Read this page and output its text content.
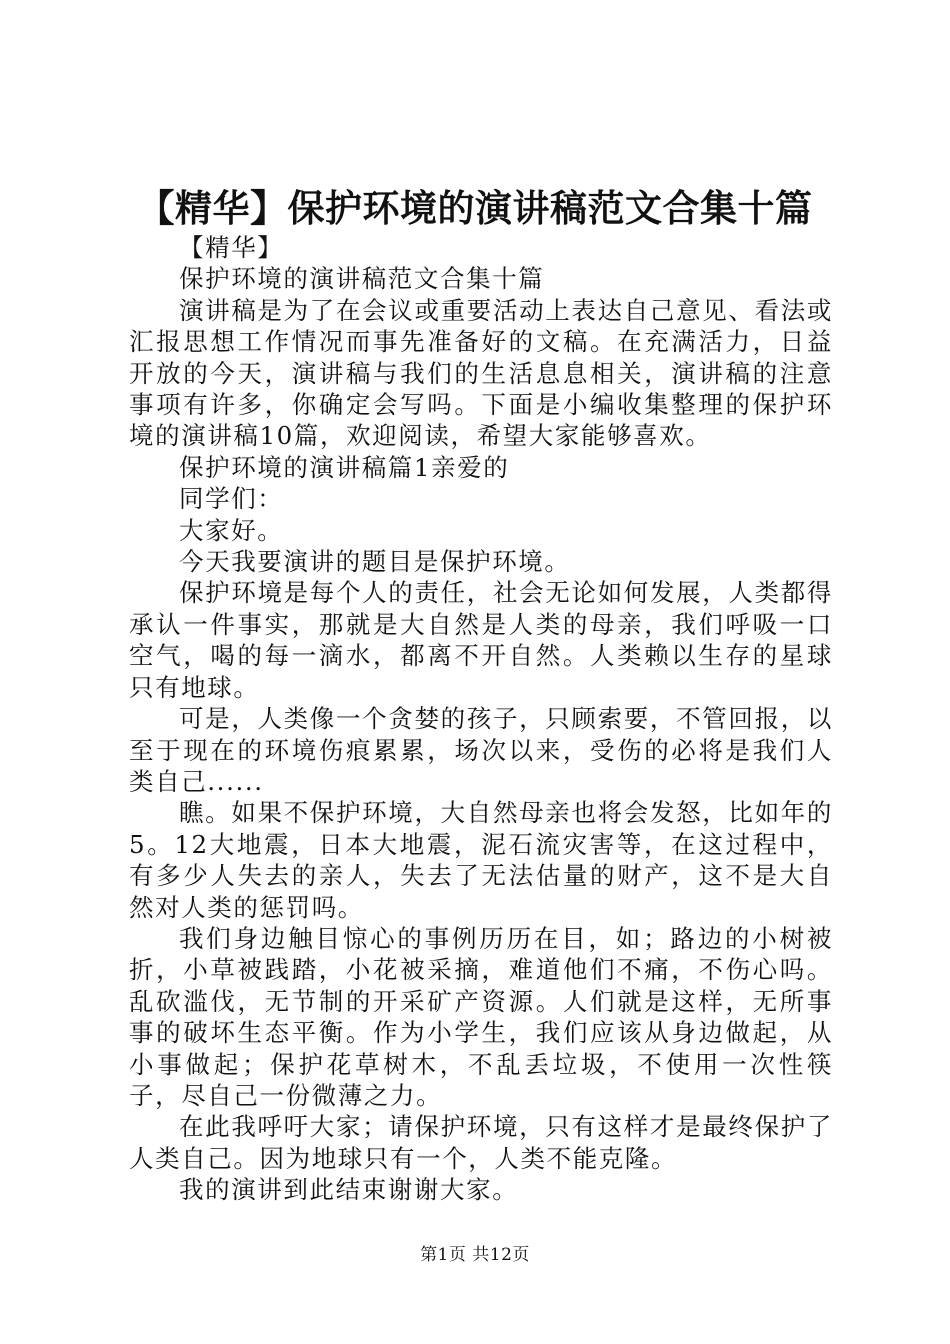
【精华】保护环境的演讲稿范文合集十篇

【精华】

保护环境的演讲稿范文合集十篇

演讲稿是为了在会议或重要活动上表达自己意见、看法或汇报思想工作情况而事先准备好的文稿。在充满活力，日益开放的今天，演讲稿与我们的生活息息相关，演讲稿的注意事项有许多，你确定会写吗。下面是小编收集整理的保护环境的演讲稿10篇，欢迎阅读，希望大家能够喜欢。

保护环境的演讲稿篇1亲爱的

同学们：

大家好。

今天我要演讲的题目是保护环境。

保护环境是每个人的责任，社会无论如何发展，人类都得承认一件事实，那就是大自然是人类的母亲，我们呼吸一口空气，喝的每一滴水，都离不开自然。人类赖以生存的星球只有地球。

可是，人类像一个贪婪的孩子，只顾索要，不管回报，以至于现在的环境伤痕累累，场次以来，受伤的必将是我们人类自己......

瞧。如果不保护环境，大自然母亲也将会发怒，比如年的5。12大地震，日本大地震，泥石流灾害等，在这过程中，有多少人失去的亲人，失去了无法估量的财产，这不是大自然对人类的惩罚吗。

我们身边触目惊心的事例历历在目，如；路边的小树被折，小草被践踏，小花被采摘，难道他们不痛，不伤心吗。乱砍滥伐，无节制的开采矿产资源。人们就是这样，无所事事的破坏生态平衡。作为小学生，我们应该从身边做起，从小事做起；保护花草树木，不乱丢垃圾，不使用一次性筷子，尽自己一份微薄之力。

在此我呼吁大家；请保护环境，只有这样才是最终保护了人类自己。因为地球只有一个，人类不能克隆。

我的演讲到此结束谢谢大家。

第1页 共12页
